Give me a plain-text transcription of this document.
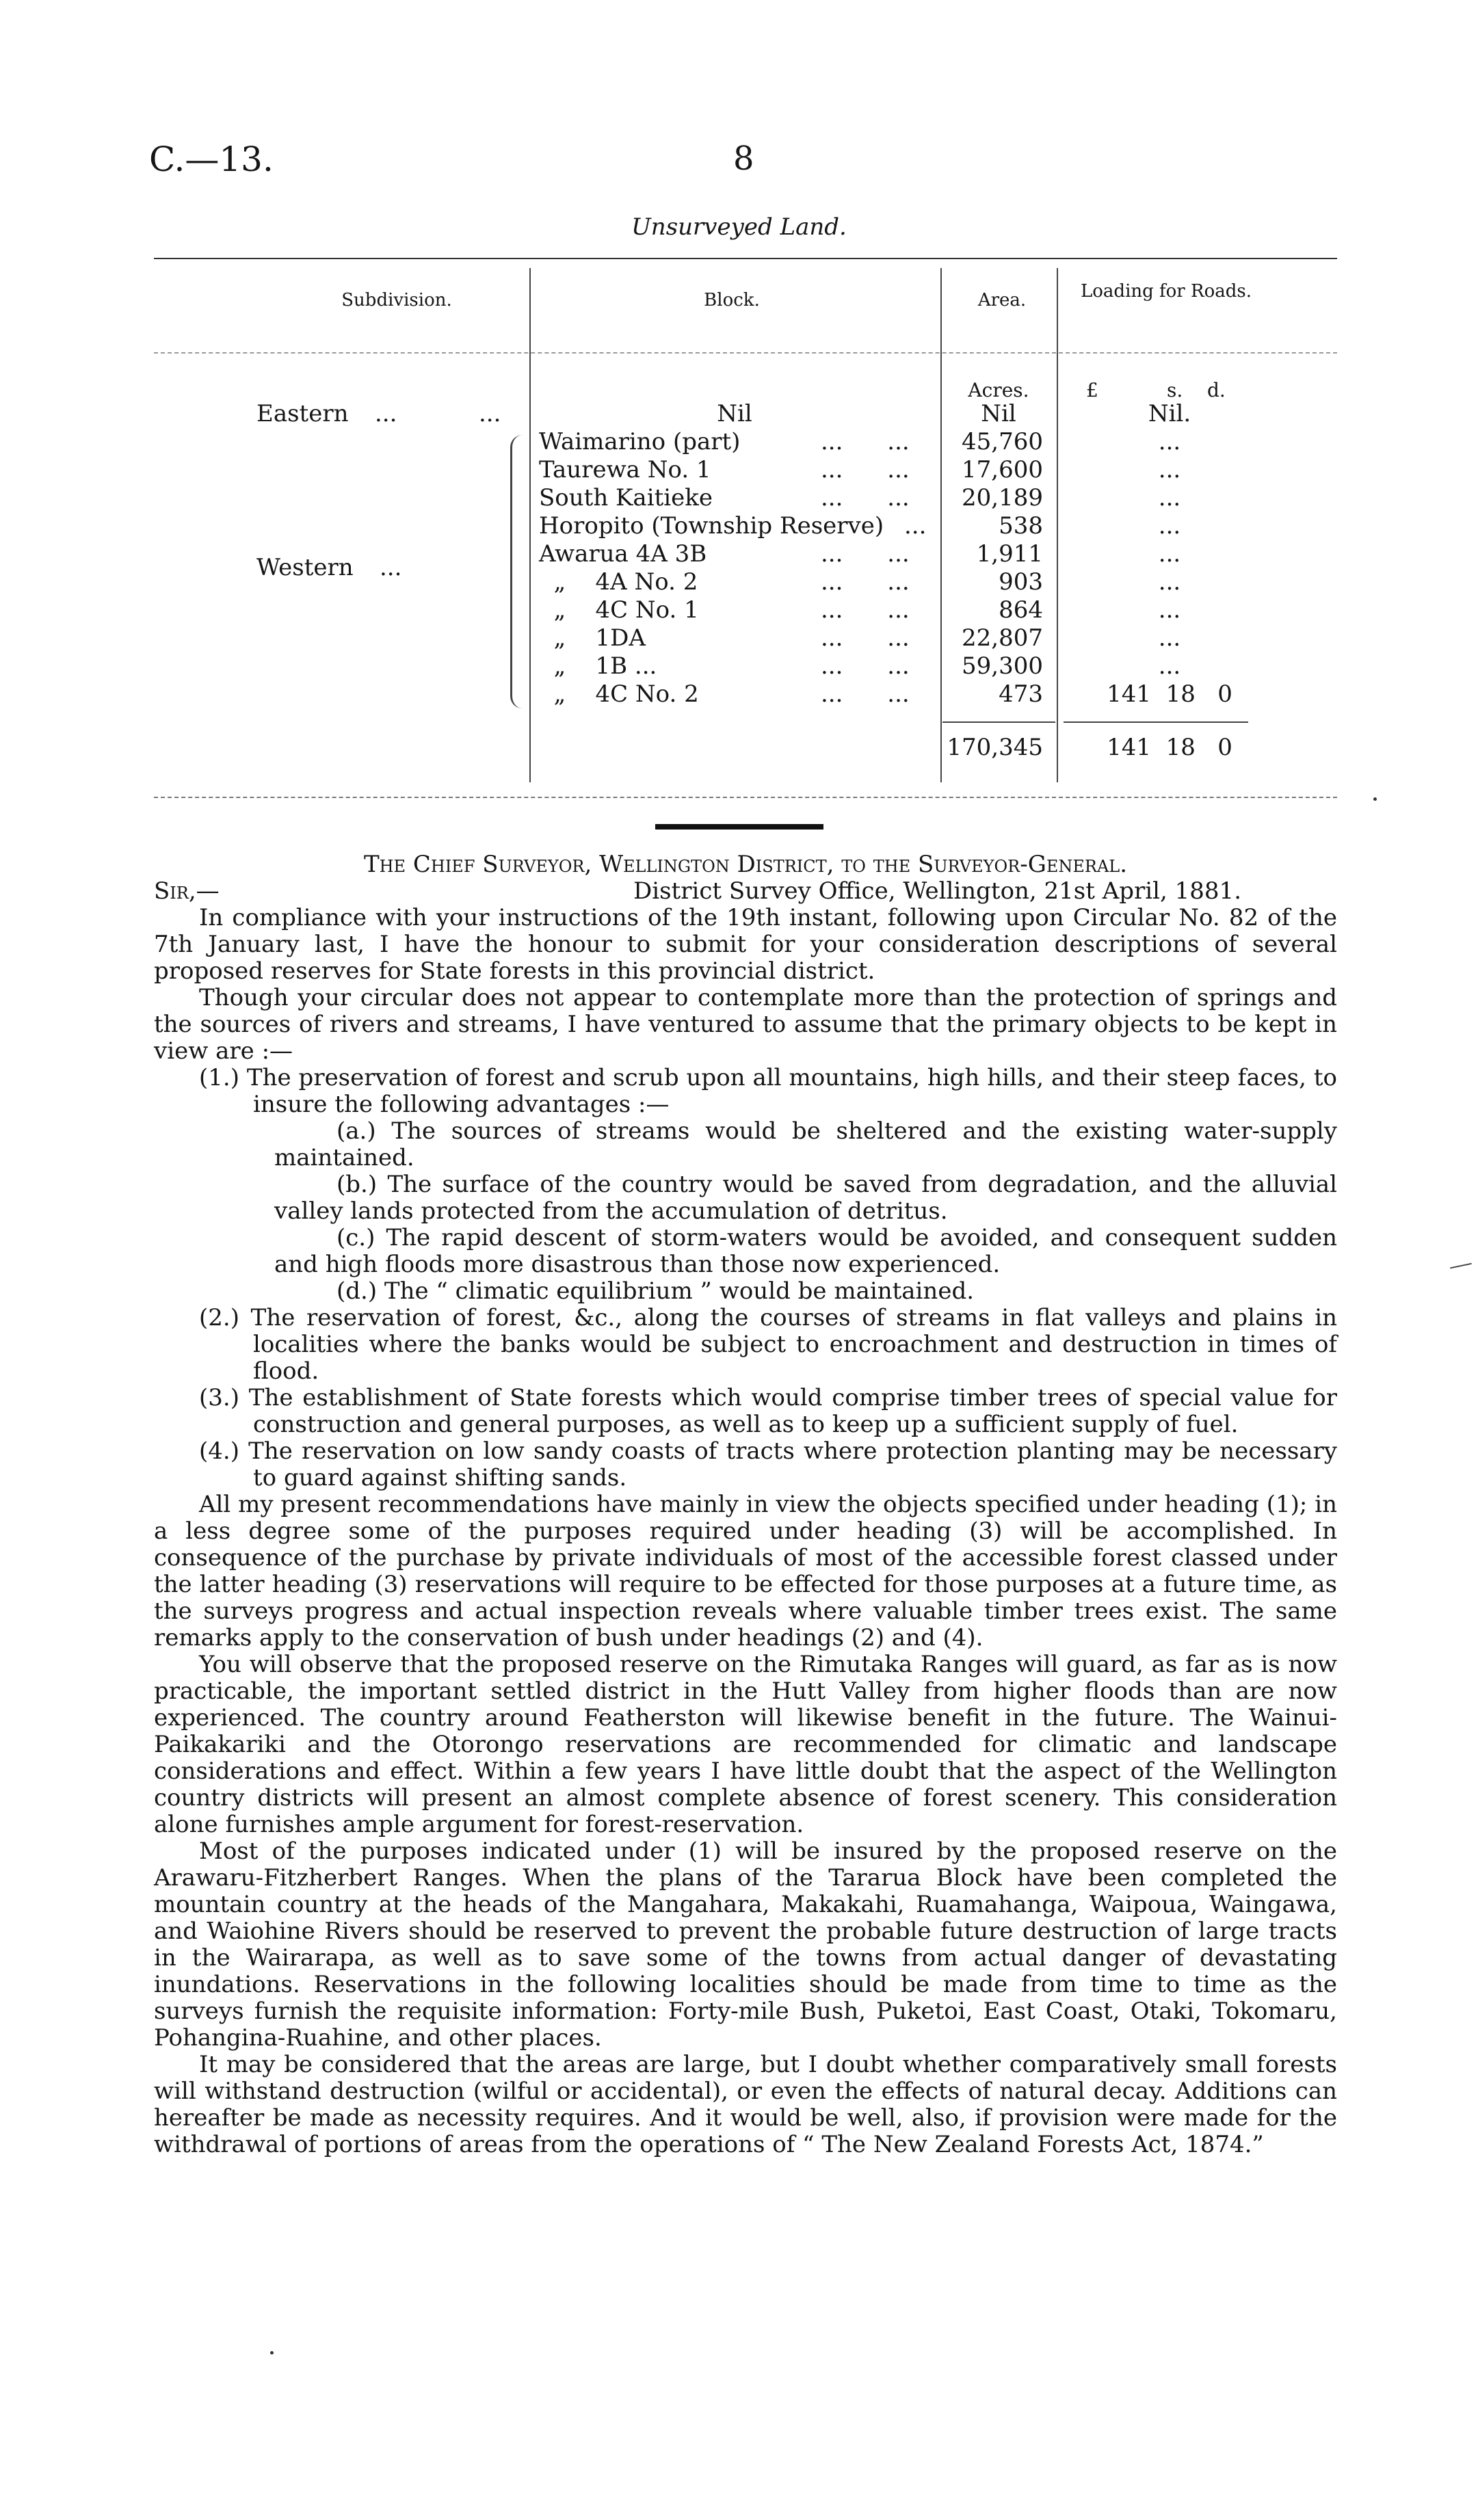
C.—13.	8
Unsurveyed Land.
Subdivision.	Block.	Area.	Loading for Roads.
Acres.	£	s. d.
Eastern ...	...	Nil	Nil	Nil.
Western ...
Waimarino (part)	...      ...	45,760	...
Taurewa No. 1	...      ...	17,600	...
South Kaitieke	...      ...	20,189	...
Horopito (Township Reserve) ...	538	...
Awarua 4A 3B	...      ...	1,911	...
„    4A No. 2	...      ...	903	...
„    4C No. 1	...      ...	864	...
„    1DA	...      ...	22,807	...
„    1B ...	...      ...	59,300	...
„    4C No. 2	...      ...	473	141  18   0
170,345	141  18   0

The Chief Surveyor, Wellington District, to the Surveyor-General.

Sir,—	District Survey Office, Wellington, 21st April, 1881.

In compliance with your instructions of the 19th instant, following upon Circular No. 82 of the 7th January last, I have the honour to submit for your consideration descriptions of several proposed reserves for State forests in this provincial district.

Though your circular does not appear to contemplate more than the protection of springs and the sources of rivers and streams, I have ventured to assume that the primary objects to be kept in view are :—

(1.) The preservation of forest and scrub upon all mountains, high hills, and their steep faces, to insure the following advantages :—

(a.) The sources of streams would be sheltered and the existing water-supply maintained.

(b.) The surface of the country would be saved from degradation, and the alluvial valley lands protected from the accumulation of detritus.

(c.) The rapid descent of storm-waters would be avoided, and consequent sudden and high floods more disastrous than those now experienced.

(d.) The “ climatic equilibrium ” would be maintained.

(2.) The reservation of forest, &c., along the courses of streams in flat valleys and plains in localities where the banks would be subject to encroachment and destruction in times of flood.

(3.) The establishment of State forests which would comprise timber trees of special value for construction and general purposes, as well as to keep up a sufficient supply of fuel.

(4.) The reservation on low sandy coasts of tracts where protection planting may be necessary to guard against shifting sands.

All my present recommendations have mainly in view the objects specified under heading (1); in a less degree some of the purposes required under heading (3) will be accomplished. In consequence of the purchase by private individuals of most of the accessible forest classed under the latter heading (3) reservations will require to be effected for those purposes at a future time, as the surveys progress and actual inspection reveals where valuable timber trees exist. The same remarks apply to the conservation of bush under headings (2) and (4).

You will observe that the proposed reserve on the Rimutaka Ranges will guard, as far as is now practicable, the important settled district in the Hutt Valley from higher floods than are now experienced. The country around Featherston will likewise benefit in the future. The Wainui-Paikakariki and the Otorongo reservations are recommended for climatic and landscape considerations and effect. Within a few years I have little doubt that the aspect of the Wellington country districts will present an almost complete absence of forest scenery. This consideration alone furnishes ample argument for forest-reservation.

Most of the purposes indicated under (1) will be insured by the proposed reserve on the Arawaru-Fitzherbert Ranges. When the plans of the Tararua Block have been completed the mountain country at the heads of the Mangahara, Makakahi, Ruamahanga, Waipoua, Waingawa, and Waiohine Rivers should be reserved to prevent the probable future destruction of large tracts in the Wairarapa, as well as to save some of the towns from actual danger of devastating inundations. Reservations in the following localities should be made from time to time as the surveys furnish the requisite information: Forty-mile Bush, Puketoi, East Coast, Otaki, Tokomaru, Pohangina-Ruahine, and other places.

It may be considered that the areas are large, but I doubt whether comparatively small forests will withstand destruction (wilful or accidental), or even the effects of natural decay. Additions can hereafter be made as necessity requires. And it would be well, also, if provision were made for the withdrawal of portions of areas from the operations of “ The New Zealand Forests Act, 1874.”
